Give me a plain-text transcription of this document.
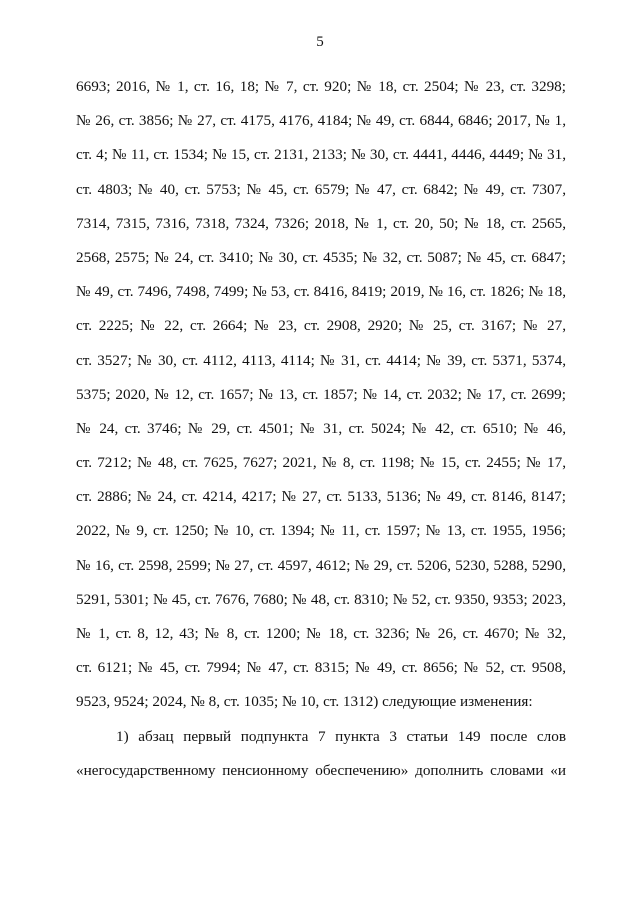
5
6693; 2016, № 1, ст. 16, 18; № 7, ст. 920; № 18, ст. 2504; № 23, ст. 3298;
№ 26, ст. 3856; № 27, ст. 4175, 4176, 4184; № 49, ст. 6844, 6846; 2017, № 1,
ст. 4; № 11, ст. 1534; № 15, ст. 2131, 2133; № 30, ст. 4441, 4446, 4449; № 31,
ст. 4803; № 40, ст. 5753; № 45, ст. 6579; № 47, ст. 6842; № 49, ст. 7307,
7314, 7315, 7316, 7318, 7324, 7326; 2018, № 1, ст. 20, 50; № 18, ст. 2565,
2568, 2575; № 24, ст. 3410; № 30, ст. 4535; № 32, ст. 5087; № 45, ст. 6847;
№ 49, ст. 7496, 7498, 7499; № 53, ст. 8416, 8419; 2019, № 16, ст. 1826; № 18,
ст. 2225; № 22, ст. 2664; № 23, ст. 2908, 2920; № 25, ст. 3167; № 27,
ст. 3527; № 30, ст. 4112, 4113, 4114; № 31, ст. 4414; № 39, ст. 5371, 5374,
5375; 2020, № 12, ст. 1657; № 13, ст. 1857; № 14, ст. 2032; № 17, ст. 2699;
№ 24, ст. 3746; № 29, ст. 4501; № 31, ст. 5024; № 42, ст. 6510; № 46,
ст. 7212; № 48, ст. 7625, 7627; 2021, № 8, ст. 1198; № 15, ст. 2455; № 17,
ст. 2886; № 24, ст. 4214, 4217; № 27, ст. 5133, 5136; № 49, ст. 8146, 8147;
2022, № 9, ст. 1250; № 10, ст. 1394; № 11, ст. 1597; № 13, ст. 1955, 1956;
№ 16, ст. 2598, 2599; № 27, ст. 4597, 4612; № 29, ст. 5206, 5230, 5288, 5290,
5291, 5301; № 45, ст. 7676, 7680; № 48, ст. 8310; № 52, ст. 9350, 9353; 2023,
№ 1, ст. 8, 12, 43; № 8, ст. 1200; № 18, ст. 3236; № 26, ст. 4670; № 32,
ст. 6121; № 45, ст. 7994; № 47, ст. 8315; № 49, ст. 8656; № 52, ст. 9508,
9523, 9524; 2024, № 8, ст. 1035; № 10, ст. 1312) следующие изменения:
1) абзац первый подпункта 7 пункта 3 статьи 149 после слов
«негосударственному пенсионному обеспечению» дополнить словами «и
